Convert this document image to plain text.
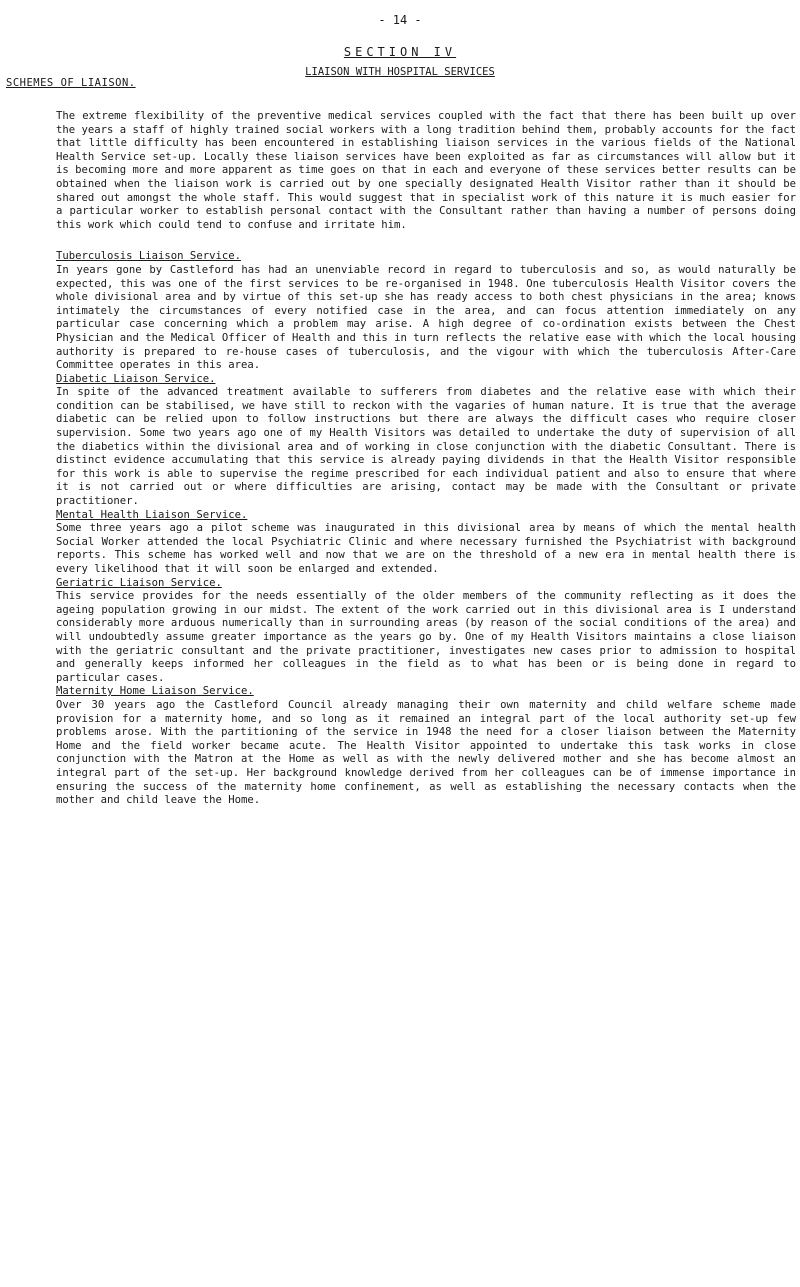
- 14 -
SECTION IV
LIAISON WITH HOSPITAL SERVICES
SCHEMES OF LIAISON.

The extreme flexibility of the preventive medical services coupled with the fact that there has been built up over the years a staff of highly trained social workers with a long tradition behind them, probably accounts for the fact that little difficulty has been encountered in establishing liaison services in the various fields of the National Health Service set-up. Locally these liaison services have been exploited as far as circumstances will allow but it is becoming more and more apparent as time goes on that in each and everyone of these services better results can be obtained when the liaison work is carried out by one specially designated Health Visitor rather than it should be shared out amongst the whole staff. This would suggest that in specialist work of this nature it is much easier for a particular worker to establish personal contact with the Consultant rather than having a number of persons doing this work which could tend to confuse and irritate him.

Tuberculosis Liaison Service.

In years gone by Castleford has had an unenviable record in regard to tuberculosis and so, as would naturally be expected, this was one of the first services to be re-organised in 1948. One tuberculosis Health Visitor covers the whole divisional area and by virtue of this set-up she has ready access to both chest physicians in the area; knows intimately the circumstances of every notified case in the area, and can focus attention immediately on any particular case concerning which a problem may arise. A high degree of co-ordination exists between the Chest Physician and the Medical Officer of Health and this in turn reflects the relative ease with which the local housing authority is prepared to re-house cases of tuberculosis, and the vigour with which the tuberculosis After-Care Committee operates in this area.

Diabetic Liaison Service.

In spite of the advanced treatment available to sufferers from diabetes and the relative ease with which their condition can be stabilised, we have still to reckon with the vagaries of human nature. It is true that the average diabetic can be relied upon to follow instructions but there are always the difficult cases who require closer supervision. Some two years ago one of my Health Visitors was detailed to undertake the duty of supervision of all the diabetics within the divisional area and of working in close conjunction with the diabetic Consultant. There is distinct evidence accumulating that this service is already paying dividends in that the Health Visitor responsible for this work is able to supervise the regime prescribed for each individual patient and also to ensure that where it is not carried out or where difficulties are arising, contact may be made with the Consultant or private practitioner.

Mental Health Liaison Service.

Some three years ago a pilot scheme was inaugurated in this divisional area by means of which the mental health Social Worker attended the local Psychiatric Clinic and where necessary furnished the Psychiatrist with background reports. This scheme has worked well and now that we are on the threshold of a new era in mental health there is every likelihood that it will soon be enlarged and extended.

Geriatric Liaison Service.

This service provides for the needs essentially of the older members of the community reflecting as it does the ageing population growing in our midst. The extent of the work carried out in this divisional area is I understand considerably more arduous numerically than in surrounding areas (by reason of the social conditions of the area) and will undoubtedly assume greater importance as the years go by. One of my Health Visitors maintains a close liaison with the geriatric consultant and the private practitioner, investigates new cases prior to admission to hospital and generally keeps informed her colleagues in the field as to what has been or is being done in regard to particular cases.

Maternity Home Liaison Service.

Over 30 years ago the Castleford Council already managing their own maternity and child welfare scheme made provision for a maternity home, and so long as it remained an integral part of the local authority set-up few problems arose. With the partitioning of the service in 1948 the need for a closer liaison between the Maternity Home and the field worker became acute. The Health Visitor appointed to undertake this task works in close conjunction with the Matron at the Home as well as with the newly delivered mother and she has become almost an integral part of the set-up. Her background knowledge derived from her colleagues can be of immense importance in ensuring the success of the maternity home confinement, as well as establishing the necessary contacts when the mother and child leave the Home.
